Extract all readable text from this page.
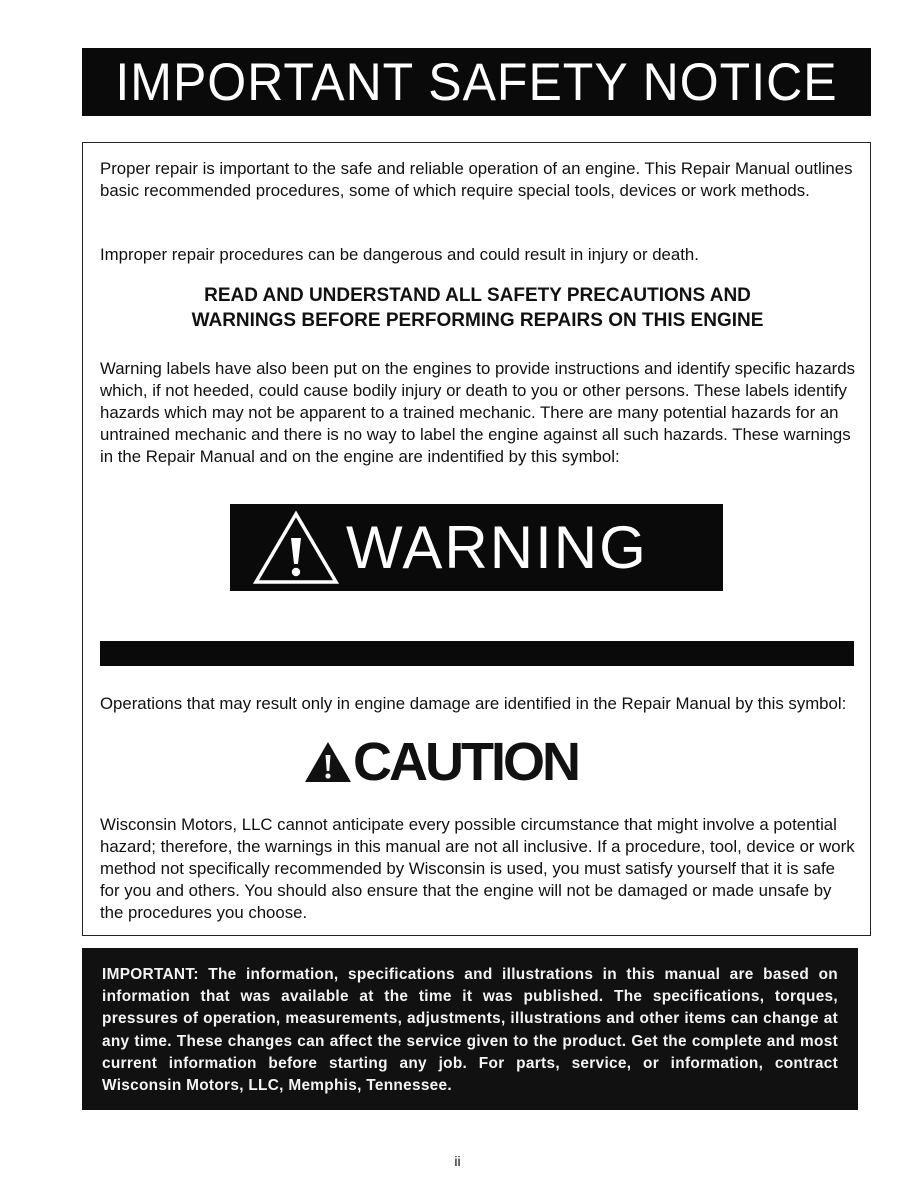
IMPORTANT SAFETY NOTICE

Proper repair is important to the safe and reliable operation of an engine. This Repair Manual outlines basic recommended procedures, some of which require special tools, devices or work methods.

Improper repair procedures can be dangerous and could result in injury or death.

READ AND UNDERSTAND ALL SAFETY PRECAUTIONS AND
WARNINGS BEFORE PERFORMING REPAIRS ON THIS ENGINE

Warning labels have also been put on the engines to provide instructions and identify specific hazards which, if not heeded, could cause bodily injury or death to you or other persons. These labels identify hazards which may not be apparent to a trained mechanic. There are many potential hazards for an untrained mechanic and there is no way to label the engine against all such hazards. These warnings in the Repair Manual and on the engine are indentified by this symbol:

WARNING

Operations that may result only in engine damage are identified in the Repair Manual by this symbol:

CAUTION

Wisconsin Motors, LLC cannot anticipate every possible circumstance that might involve a potential hazard; therefore, the warnings in this manual are not all inclusive. If a procedure, tool, device or work method not specifically recommended by Wisconsin is used, you must satisfy yourself that it is safe for you and others. You should also ensure that the engine will not be damaged or made unsafe by the procedures you choose.

IMPORTANT: The information, specifications and illustrations in this manual are based on information that was available at the time it was published. The specifications, torques, pressures of operation, measurements, adjustments, illustrations and other items can change at any time. These changes can affect the service given to the product. Get the complete and most current information before starting any job. For parts, service, or information, contract Wisconsin Motors, LLC, Memphis, Tennessee.

ii
